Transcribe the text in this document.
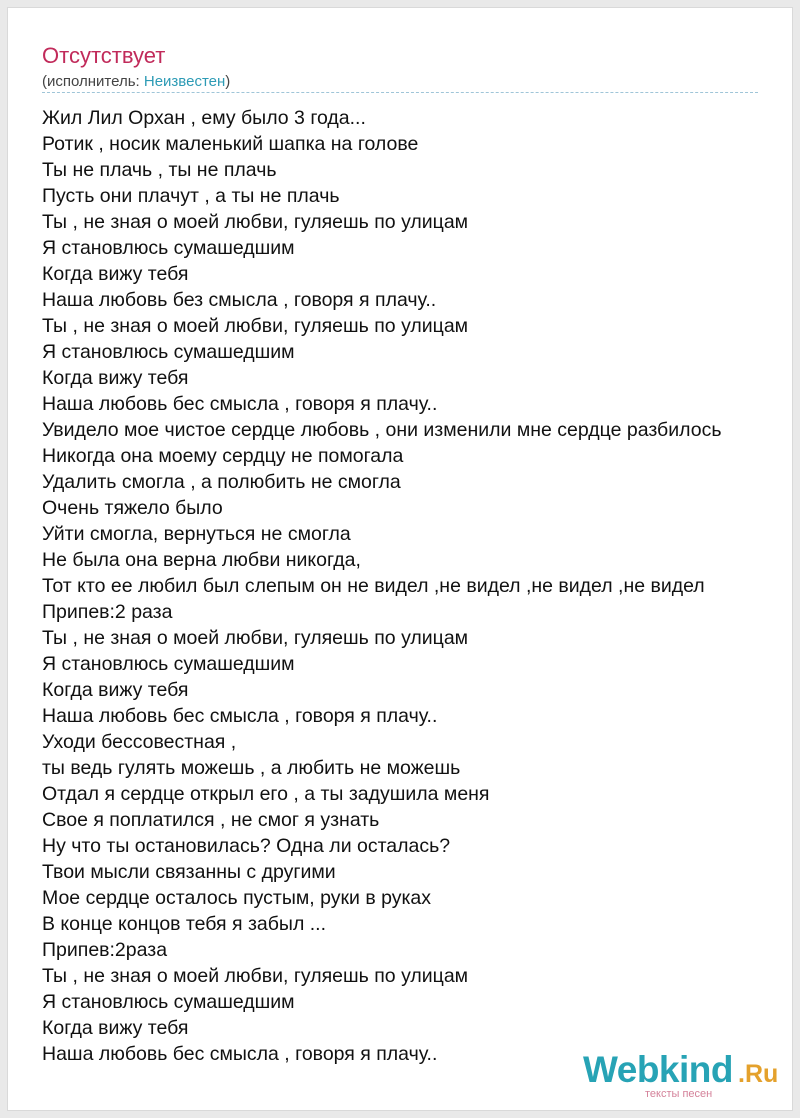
Отсутствует
(исполнитель: Неизвестен)
Жил Лил Орхан , ему было 3 года...
Ротик , носик маленький шапка на голове
Ты не плачь , ты не плачь
Пусть они плачут , а ты не плачь
Ты , не зная о моей любви, гуляешь по улицам
Я становлюсь сумашедшим
Когда вижу тебя
Наша любовь без смысла , говоря я плачу..
Ты , не зная о моей любви, гуляешь по улицам
Я становлюсь сумашедшим
Когда вижу тебя
Наша любовь бес смысла , говоря я плачу..
Увидело мое чистое сердце любовь , они изменили мне сердце разбилось
Никогда она моему сердцу не помогала
Удалить смогла , а полюбить не смогла
Очень тяжело было
Уйти смогла, вернуться не смогла
Не была она верна любви никогда,
Тот кто ее любил был слепым он не видел ,не видел ,не видел ,не видел
Припев:2 раза
Ты , не зная о моей любви, гуляешь по улицам
Я становлюсь сумашедшим
Когда вижу тебя
Наша любовь бес смысла , говоря я плачу..
Уходи бессовестная ,
ты ведь гулять можешь , а любить не можешь
Отдал я сердце открыл его , а ты задушила меня
Свое я поплатился , не смог я узнать
Ну что ты остановилась? Одна ли осталась?
Твои мысли связанны с другими
Мое сердце осталось пустым, руки в руках
В конце концов тебя я забыл ...
Припев:2раза
Ты , не зная о моей любви, гуляешь по улицам
Я становлюсь сумашедшим
Когда вижу тебя
Наша любовь бес смысла , говоря я плачу..	Webkind .Ru
тексты песен
